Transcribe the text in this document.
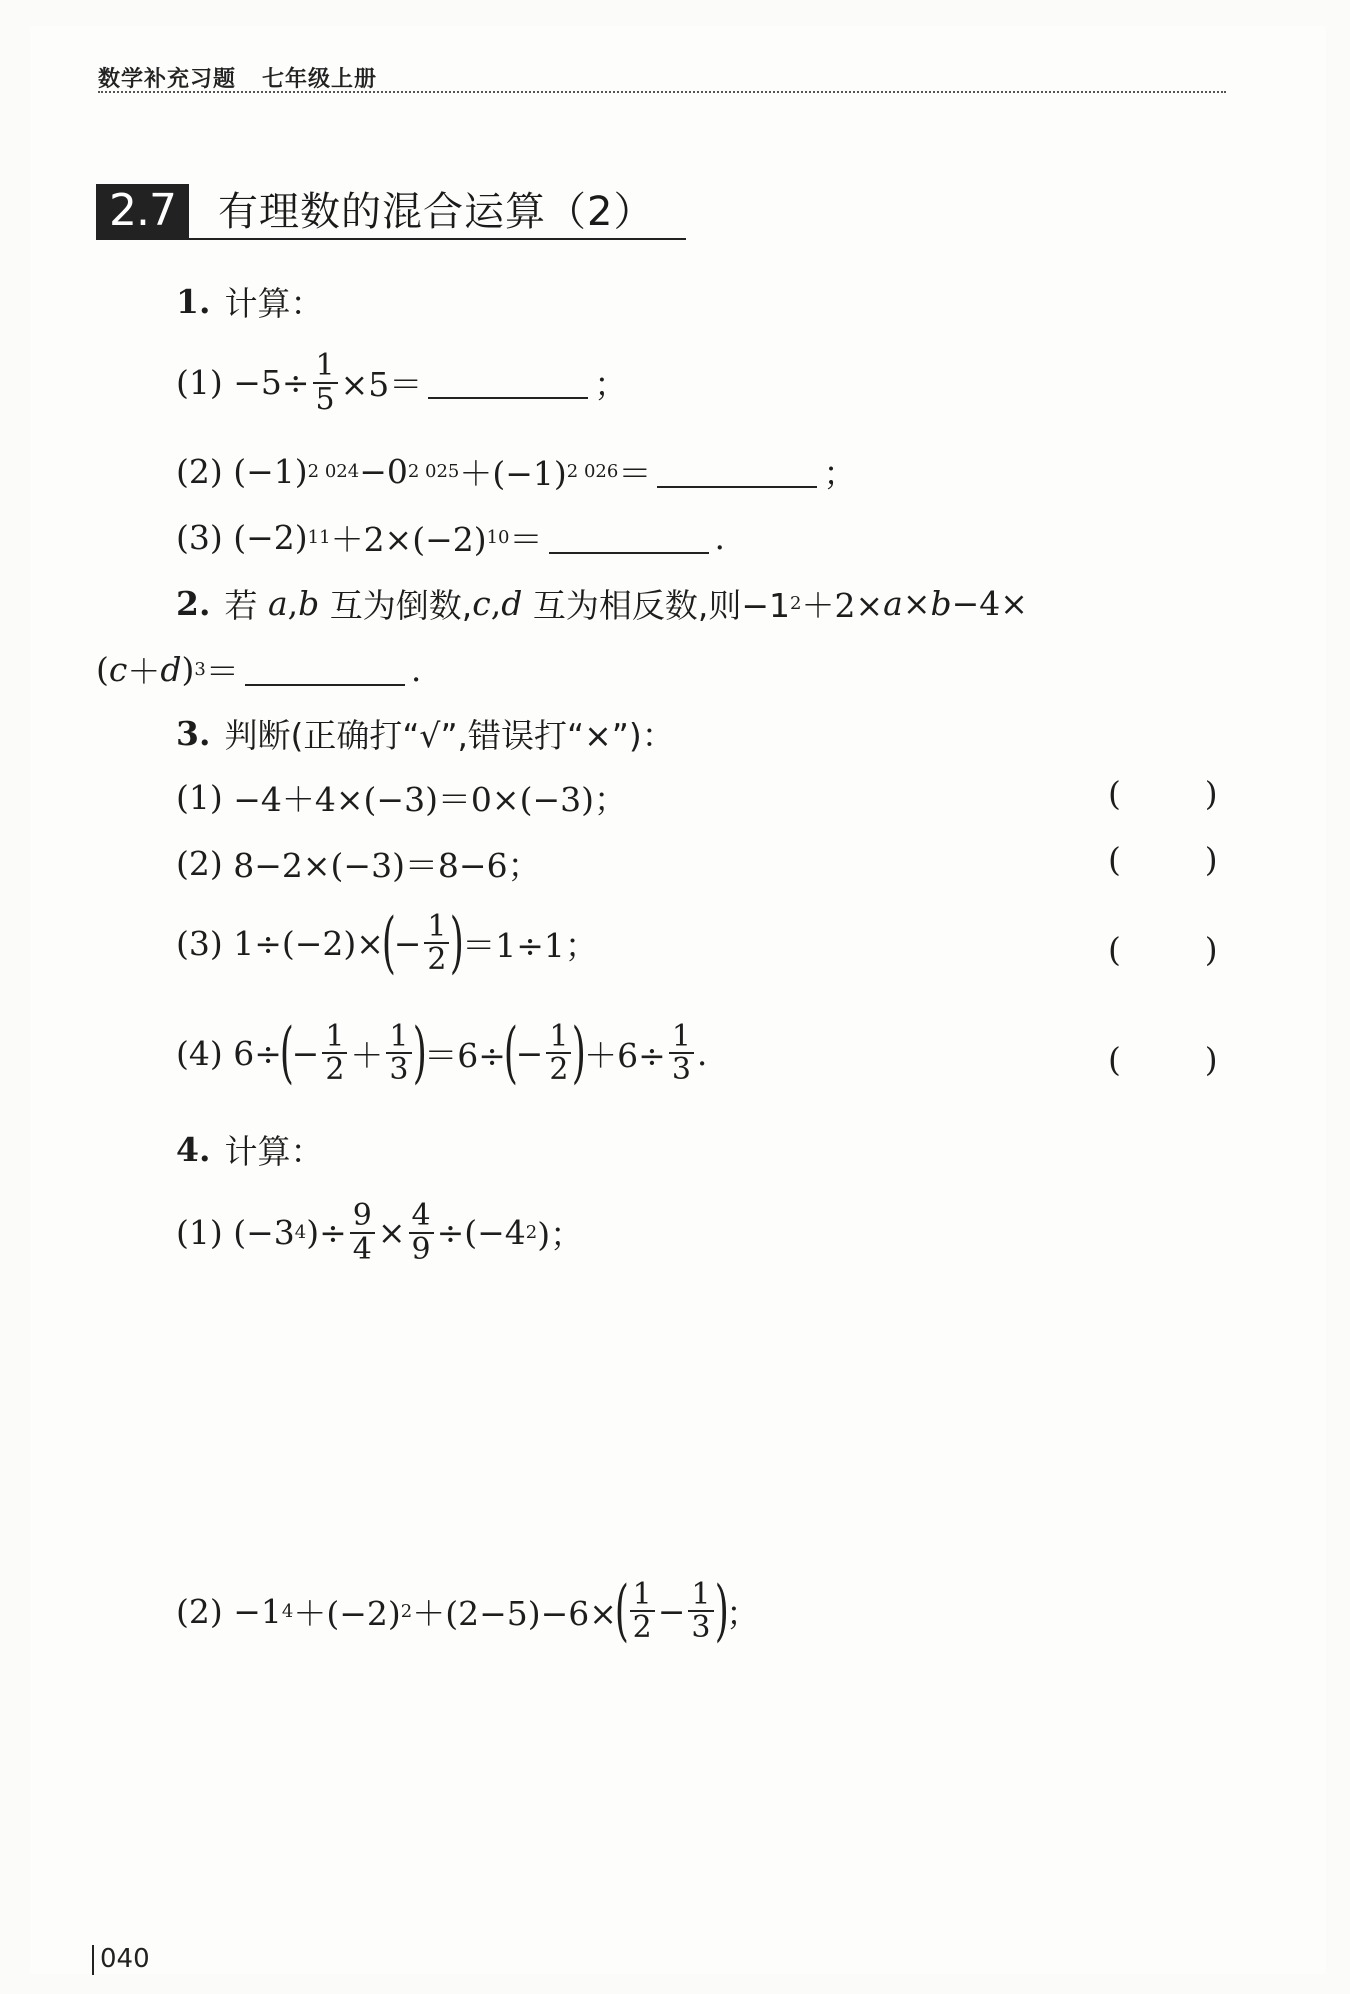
数学补充习题 七年级上册
2.7	有理数的混合运算（2）
1. 计算：
(1)
$-5\div \frac{1}{5} \times 5=$	；
(2)
(−1) 2 024 −0 2 025 ＋(−1) 2 026 ＝	；
(3)
(−2) 11 ＋2×(−2) 10 ＝	.
2. 若
a , b
互为倒数, c , d
互为相反数,则−1 2 ＋2× a × b −4×
( c ＋ d ) 3 ＝	.
3. 判断(正确打“√”,错误打“×”)：
(1)
−4＋4×(−3)＝0×(−3)；	(        )
(2)
8−2×(−3)＝8−6；	(        )
(3)
1÷(−2)×
(
− $\frac{1}{2}$ )
＝1÷1；	(        )
(4)
6÷
(
− $\frac{1}{2} + \frac{1}{3}$ )
＝6÷
(
− $\frac{1}{2}$ )
$+6\div \frac{1}{3}$ .	(        )
4. 计算：
(1)
(−3 4 )÷ $\frac{9}{4} \times \frac{4}{9} \div(-4$ 2 )；
(2)
−1 4 ＋(−2) 2 ＋(2−5)−6×
( $\frac{1}{2} - \frac{1}{3}$ )
；
040
